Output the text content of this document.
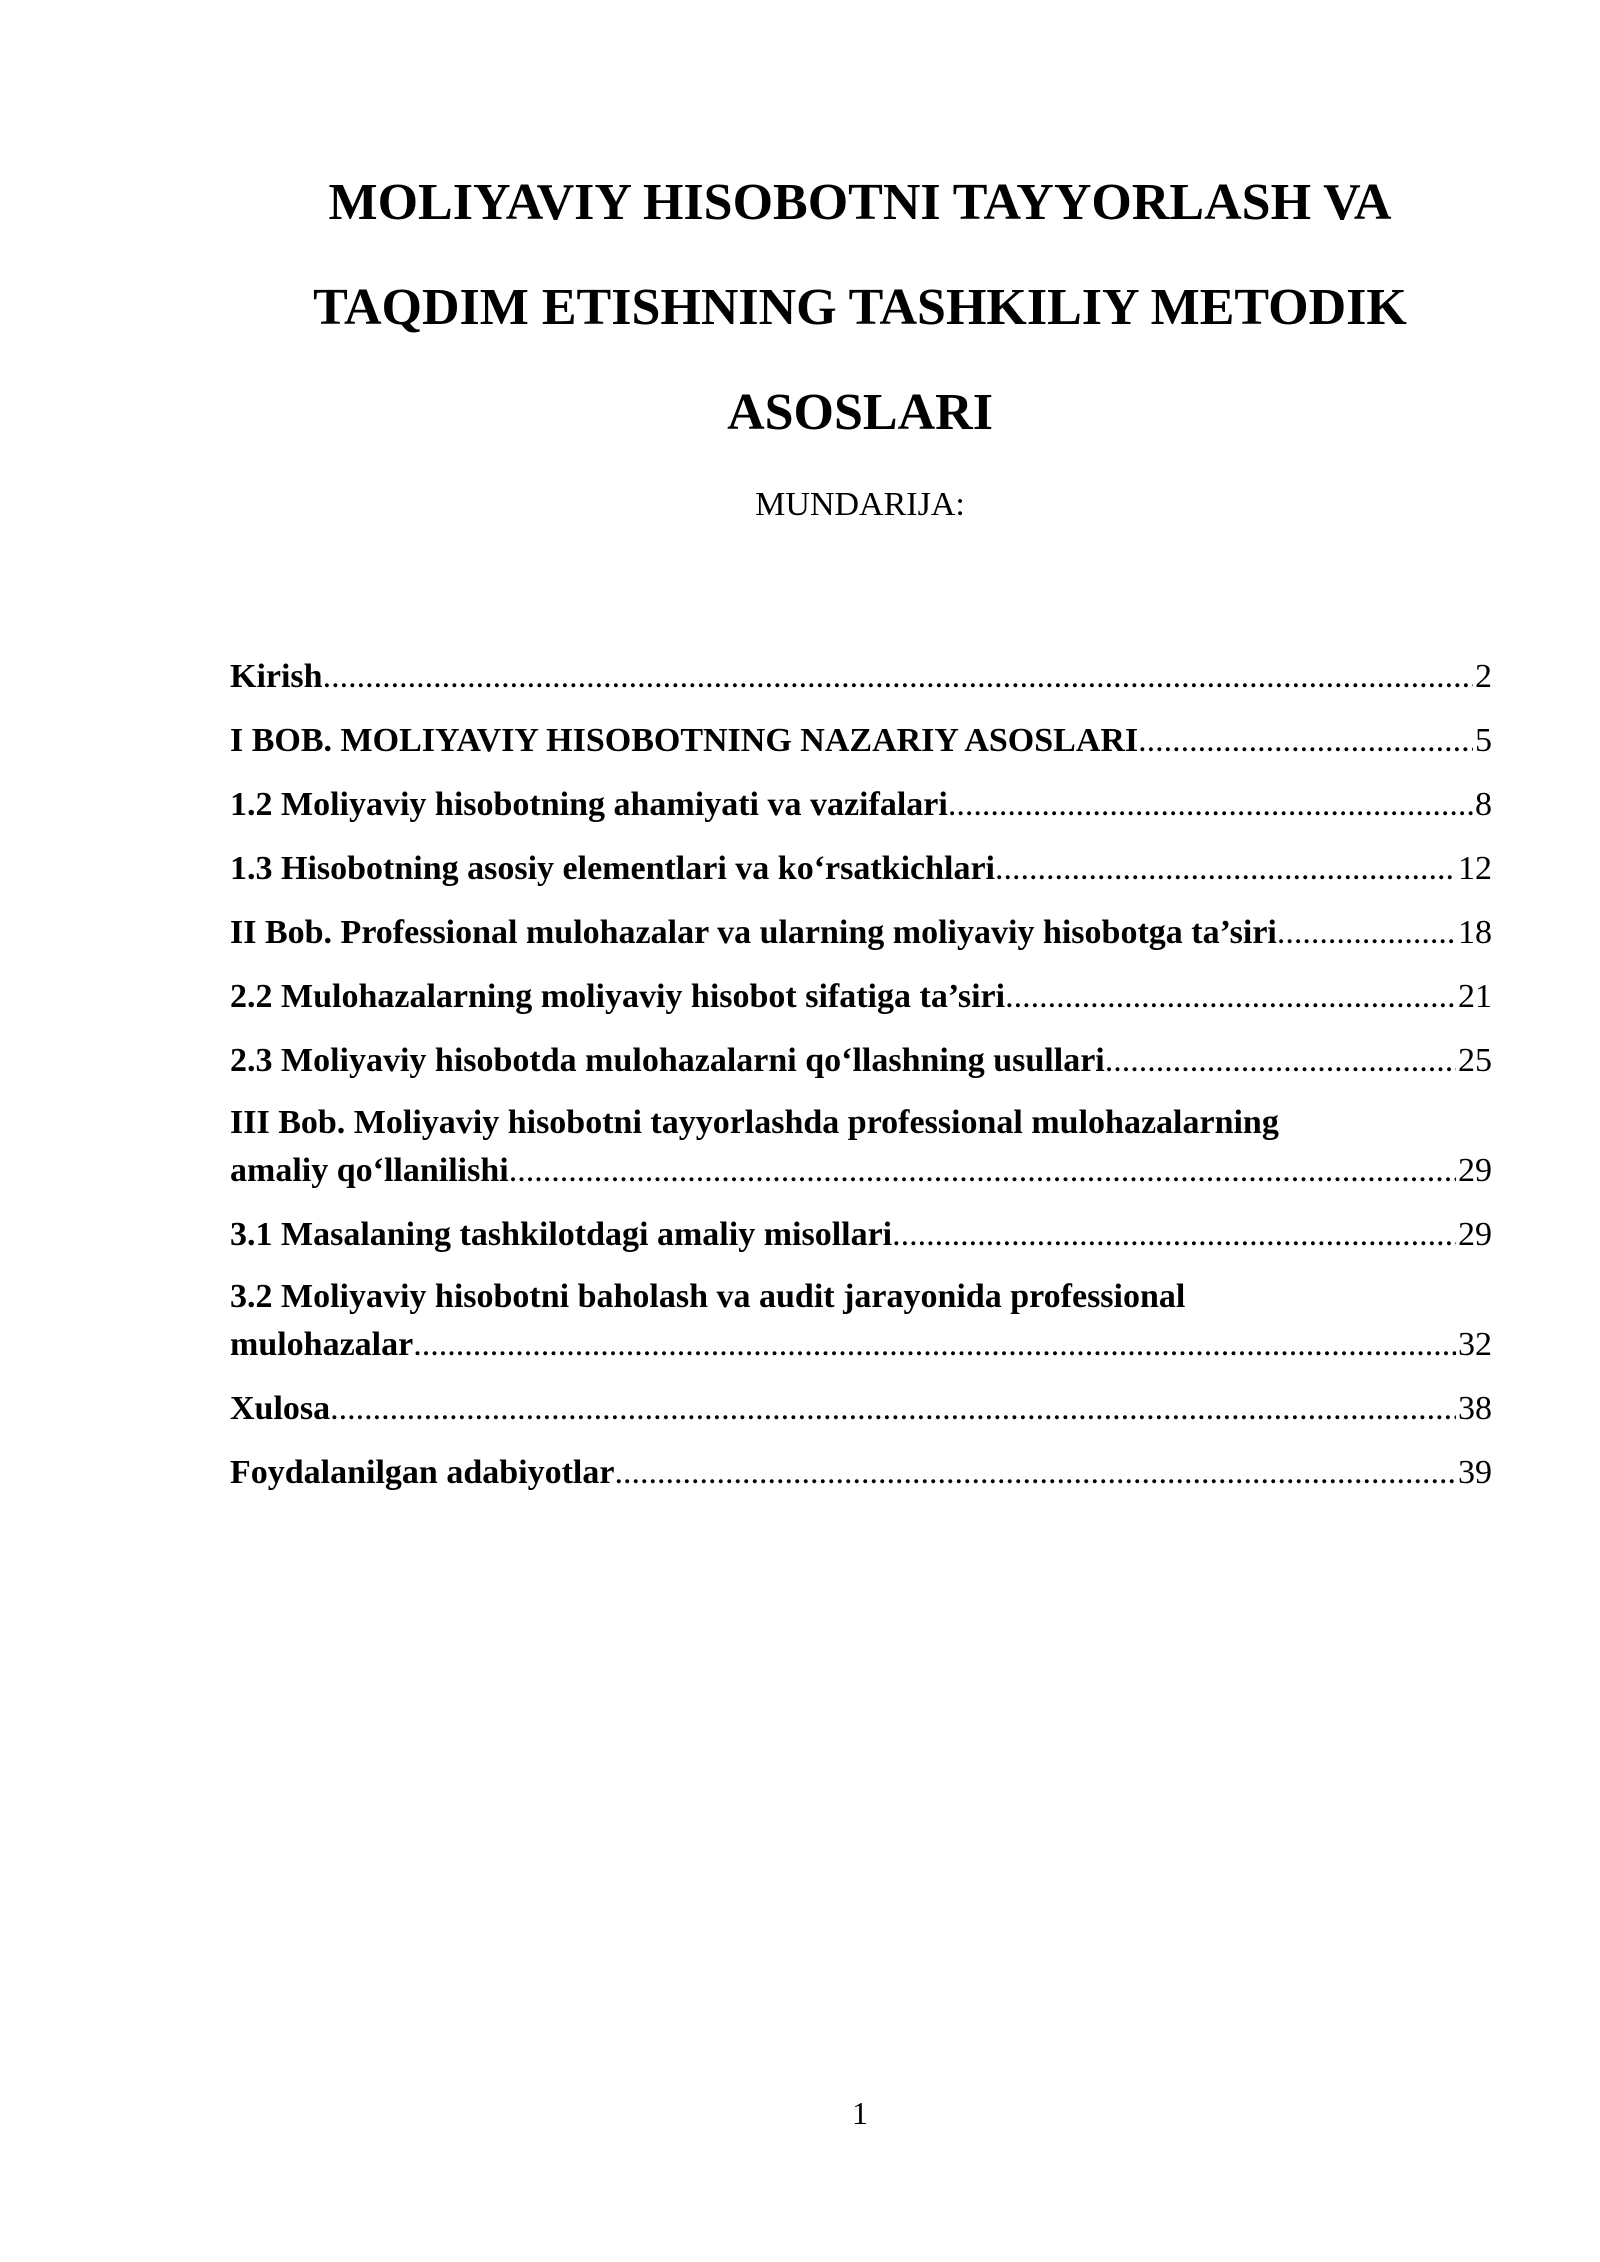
MOLIYAVIY HISOBOTNI TAYYORLASH VA
TAQDIM ETISHNING TASHKILIY METODIK
ASOSLARI
MUNDARIJA:
Kirish .....	2
I BOB. MOLIYAVIY HISOBOTNING NAZARIY ASOSLARI .....	5
1.2 Moliyaviy hisobotning ahamiyati va vazifalari .....	8
1.3 Hisobotning asosiy elementlari va ko‘rsatkichlari .....	12
II Bob. Professional mulohazalar va ularning moliyaviy hisobotga ta’siri .....	18
2.2 Mulohazalarning moliyaviy hisobot sifatiga ta’siri .....	21
2.3 Moliyaviy hisobotda mulohazalarni qo‘llashning usullari .....	25
III Bob. Moliyaviy hisobotni tayyorlashda professional mulohazalarning
amaliy qo‘llanilishi .....	29
3.1 Masalaning tashkilotdagi amaliy misollari .....	29
3.2 Moliyaviy hisobotni baholash va audit jarayonida professional
mulohazalar .....	32
Xulosa .....	38
Foydalanilgan adabiyotlar .....	39
1
